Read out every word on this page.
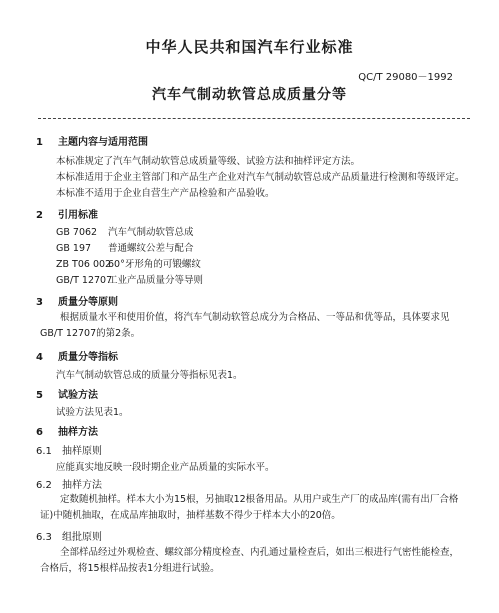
中华人民共和国汽车行业标准
QC/T 29080－1992
汽车气制动软管总成质量分等
1 主题内容与适用范围
本标准规定了汽车气制动软管总成质量等级、试验方法和抽样评定方法。
本标准适用于企业主管部门和产品生产企业对汽车气制动软管总成产品质量进行检测和等级评定。
本标准不适用于企业自营生产产品检验和产品验收。
2 引用标准
GB 7062 汽车气制动软管总成
GB 197 普通螺纹公差与配合
ZB T06 00260°牙形角的可锻螺纹
GB/T 12707工业产品质量分等导则
3 质量分等原则
根据质量水平和使用价值，将汽车气制动软管总成分为合格品、一等品和优等品，具体要求见GB/T 12707的第2条。
4 质量分等指标
汽车气制动软管总成的质量分等指标见表1。
5 试验方法
试验方法见表1。
6 抽样方法
6.1 抽样原则
应能真实地反映一段时期企业产品质量的实际水平。
6.2 抽样方法
定数随机抽样。样本大小为15根，另抽取12根备用品。从用户或生产厂的成品库(需有出厂合格证)中随机抽取，在成品库抽取时，抽样基数不得少于样本大小的20倍。
6.3 组批原则
全部样品经过外观检查、螺纹部分精度检查、内孔通过量检查后，如出三根进行气密性能检查，合格后，将15根样品按表1分组进行试验。
